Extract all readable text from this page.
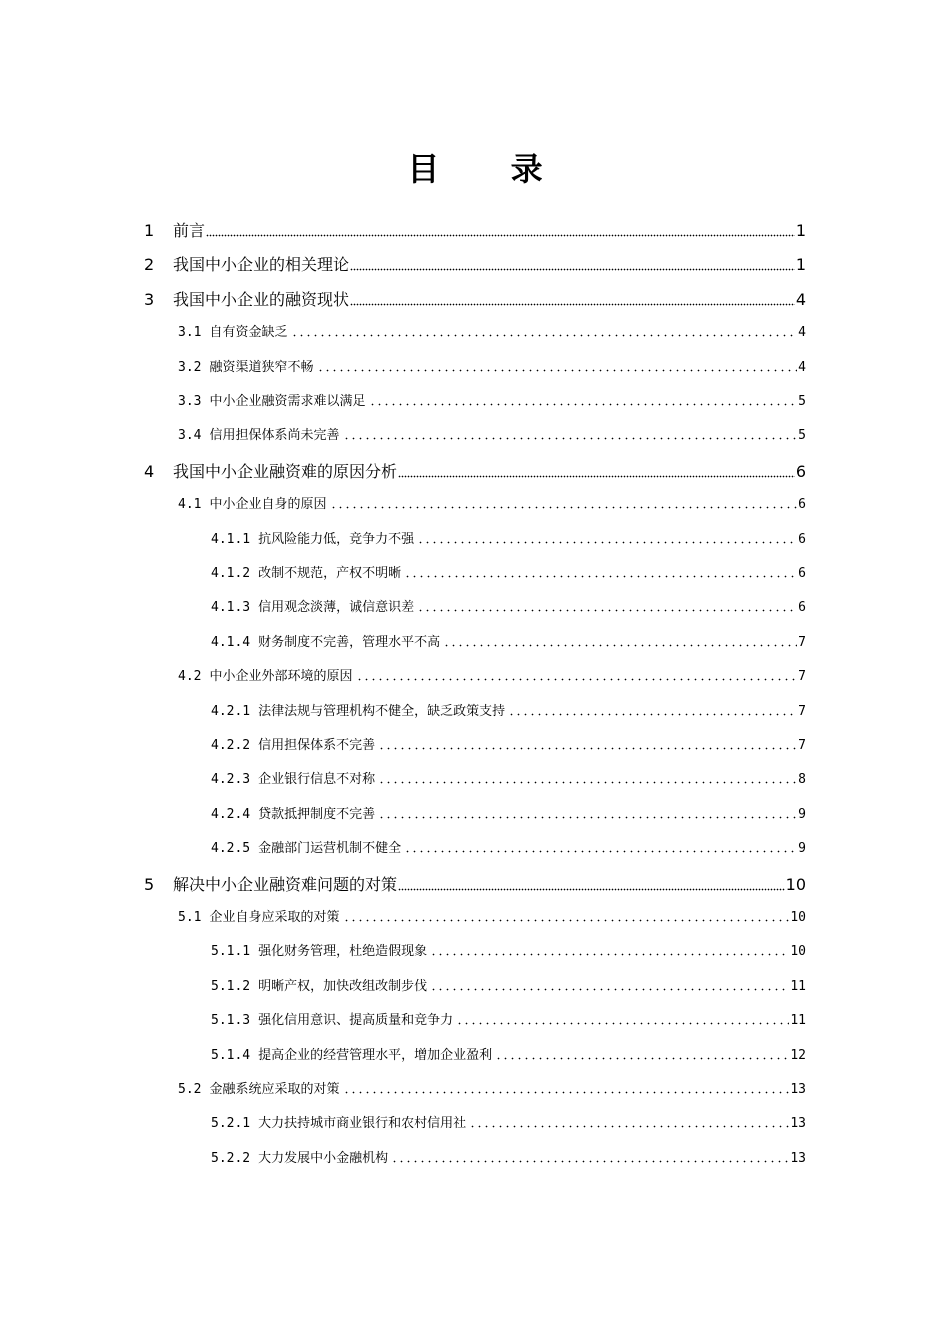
目 录
1	前言	1
2	我国中小企业的相关理论	1
3	我国中小企业的融资现状	4
3.1 自有资金缺乏	4
3.2 融资渠道狭窄不畅	4
3.3 中小企业融资需求难以满足	5
3.4 信用担保体系尚未完善	5
4	我国中小企业融资难的原因分析	6
4.1 中小企业自身的原因	6
4.1.1 抗风险能力低，竞争力不强	6
4.1.2 改制不规范，产权不明晰	6
4.1.3 信用观念淡薄，诚信意识差	6
4.1.4 财务制度不完善，管理水平不高	7
4.2 中小企业外部环境的原因	7
4.2.1 法律法规与管理机构不健全，缺乏政策支持	7
4.2.2 信用担保体系不完善	7
4.2.3 企业银行信息不对称	8
4.2.4 贷款抵押制度不完善	9
4.2.5 金融部门运营机制不健全	9
5	解决中小企业融资难问题的对策	10
5.1 企业自身应采取的对策	10
5.1.1 强化财务管理，杜绝造假现象	10
5.1.2 明晰产权，加快改组改制步伐	11
5.1.3 强化信用意识、提高质量和竞争力	11
5.1.4 提高企业的经营管理水平，增加企业盈利	12
5.2 金融系统应采取的对策	13
5.2.1 大力扶持城市商业银行和农村信用社	13
5.2.2 大力发展中小金融机构	13
